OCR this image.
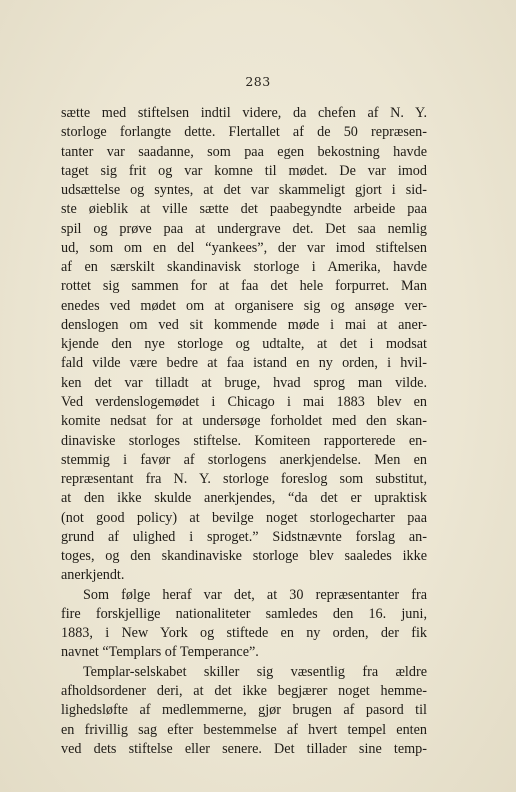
283
sætte med stiftelsen indtil videre, da chefen af N. Y.
storloge forlangte dette. Flertallet af de 50 repræsen-
tanter var saadanne, som paa egen bekostning havde
taget sig frit og var komne til mødet. De var imod
udsættelse og syntes, at det var skammeligt gjort i sid-
ste øieblik at ville sætte det paabegyndte arbeide paa
spil og prøve paa at undergrave det. Det saa nemlig
ud, som om en del “yankees”, der var imod stiftelsen
af en særskilt skandinavisk storloge i Amerika, havde
rottet sig sammen for at faa det hele forpurret. Man
enedes ved mødet om at organisere sig og ansøge ver-
denslogen om ved sit kommende møde i mai at aner-
kjende den nye storloge og udtalte, at det i modsat
fald vilde være bedre at faa istand en ny orden, i hvil-
ken det var tilladt at bruge, hvad sprog man vilde.
Ved verdenslogemødet i Chicago i mai 1883 blev en
komite nedsat for at undersøge forholdet med den skan-
dinaviske storloges stiftelse. Komiteen rapporterede en-
stemmig i favør af storlogens anerkjendelse. Men en
repræsentant fra N. Y. storloge foreslog som substitut,
at den ikke skulde anerkjendes, “da det er upraktisk
(not good policy) at bevilge noget storlogecharter paa
grund af ulighed i sproget.” Sidstnævnte forslag an-
toges, og den skandinaviske storloge blev saaledes ikke
anerkjendt.
Som følge heraf var det, at 30 repræsentanter fra
fire forskjellige nationaliteter samledes den 16. juni,
1883, i New York og stiftede en ny orden, der fik
navnet “Templars of Temperance”.
Templar-selskabet skiller sig væsentlig fra ældre
afholdsordener deri, at det ikke begjærer noget hemme-
lighedsløfte af medlemmerne, gjør brugen af pasord til
en frivillig sag efter bestemmelse af hvert tempel enten
ved dets stiftelse eller senere. Det tillader sine temp-
